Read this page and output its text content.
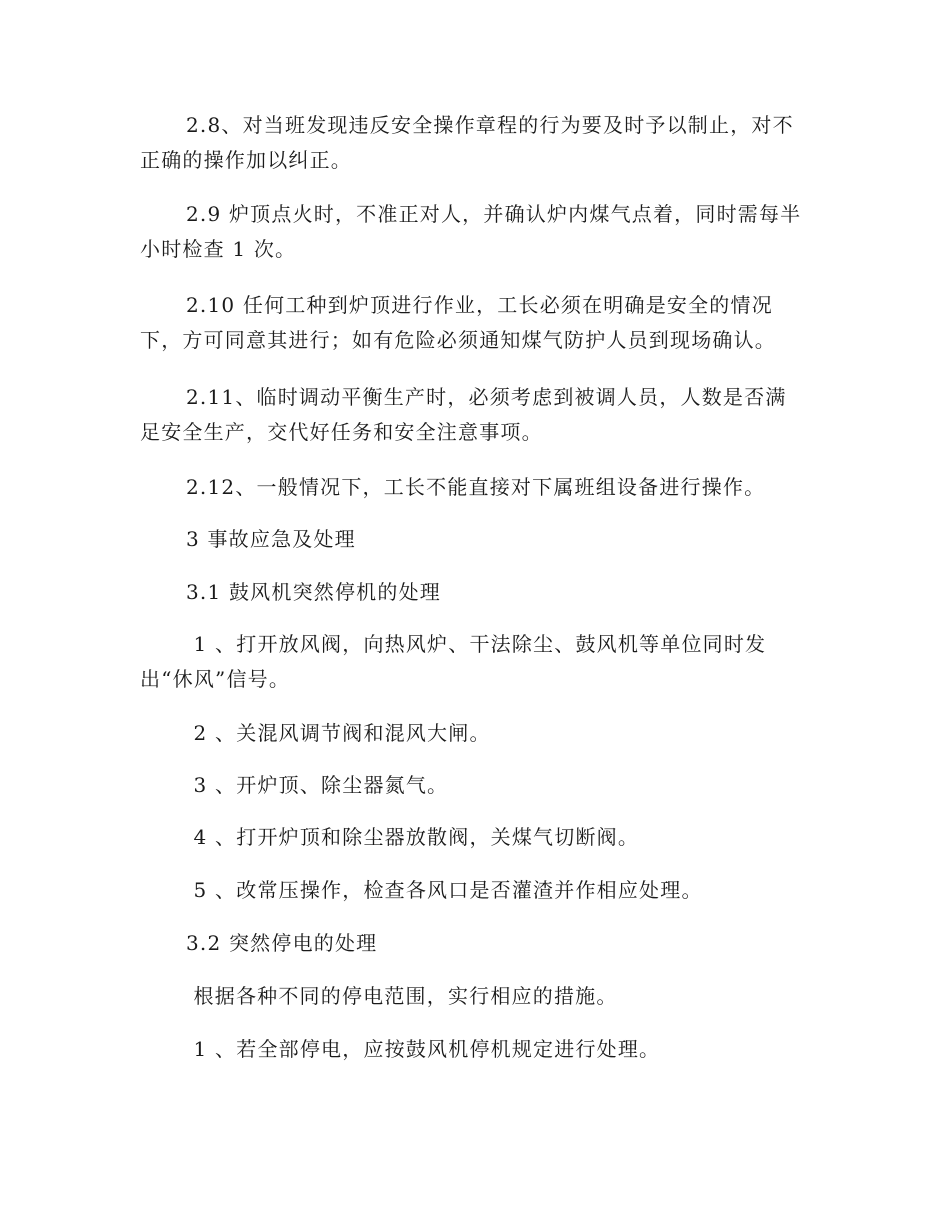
2.8、对当班发现违反安全操作章程的行为要及时予以制止，对不
正确的操作加以纠正。

2.9 炉顶点火时，不准正对人，并确认炉内煤气点着，同时需每半
小时检查 1 次。

2.10 任何工种到炉顶进行作业，工长必须在明确是安全的情况
下，方可同意其进行；如有危险必须通知煤气防护人员到现场确认。

2.11、临时调动平衡生产时，必须考虑到被调人员，人数是否满
足安全生产，交代好任务和安全注意事项。

2.12、一般情况下，工长不能直接对下属班组设备进行操作。

3 事故应急及处理

3.1 鼓风机突然停机的处理

1 、打开放风阀，向热风炉、干法除尘、鼓风机等单位同时发
出“休风”信号。

2 、关混风调节阀和混风大闸。

3 、开炉顶、除尘器氮气。

4 、打开炉顶和除尘器放散阀，关煤气切断阀。

5 、改常压操作，检查各风口是否灌渣并作相应处理。

3.2 突然停电的处理

根据各种不同的停电范围，实行相应的措施。

1 、若全部停电，应按鼓风机停机规定进行处理。
